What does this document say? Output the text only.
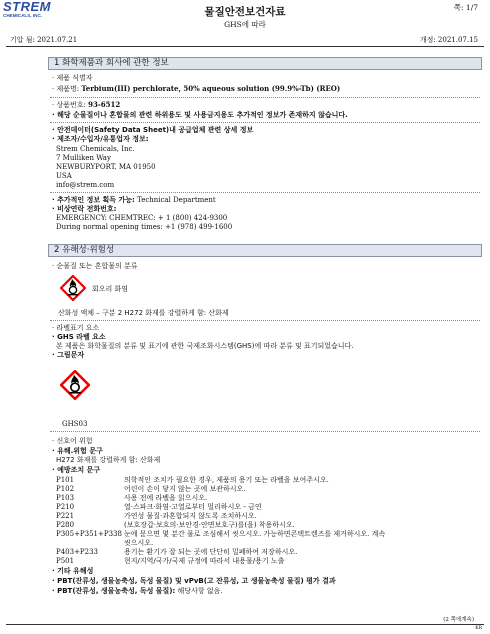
STREM
CHEMICALS, INC.	물질안전보건자료
GHS에 따라
쪽: 1/7
기압 됨: 2021.07.21	개정: 2021.07.15
1 화학제품과 회사에 관한 정보
· 제품 식별자
· 제품명: Terbium(III) perchlorate, 50% aqueous solution (99.9%-Tb) (REO)
· 상품번호: 93-6512
· 해당 순물질이나 혼합물의 관련 하위용도 및 사용금지용도 추가적인 정보가 존재하지 않습니다.
· 안전데이터(Safety Data Sheet)내 공급업체 관련 상세 정보
· 제조자/수입자/유통업자 정보:
Strem Chemicals, Inc.
7 Mulliken Way
NEWBURYPORT, MA 01950
USA
info@strem.com
· 추가적인 정보 획득 가능: Technical Department
· 비상연락 전화번호:
EMERGENCY: CHEMTREC: + 1 (800) 424-9300
During normal opening times: +1 (978) 499-1600
2 유해성·위험성
· 순물질 또는 혼합물의 분류
회오리 화염
산화성 액체 – 구분 2 H272 화재를 강렬하게 함: 산화제
· 라벨표기 요소
· GHS 라벨 요소
본 제품은 화학물질의 분류 및 표기에 관한 국제조화시스템(GHS)에 따라 분류 및 표기되었습니다.
· 그림문자
GHS03
· 신호어 위험
· 유해.위험 문구
H272 화재를 강렬하게 함: 산화제
· 예방조치 문구
P101	의학적인 조치가 필요한 경우, 제품의 용기 또는 라벨을 보여주시오.
P102	어린이 손이 닿지 않는 곳에 보관하시오.
P103	사용 전에 라벨을 읽으시오.
P210	열·스파크·화염·고열로부터 멀리하시오 - 금연
P221	가연성 물질·과혼합되지 않도록 조치하시오.
P280	(보호장갑·보호의·보안경·안면보호구)를(을) 착용하시오.
P305+P351+P338 눈에 묻으면 몇 분간 물로 조심해서 씻으시오. 가능하면콘택트렌즈를 제거하시오. 계속
씻으시오.
P403+P233	용기는 환기가 잘 되는 곳에 단단히 밀폐하여 저장하시오.
P501	현지/지역/국가/국제 규정에 따라서 내용물/용기 노출
· 기타 유해성
· PBT(잔류성, 생물농축성, 독성 물질) 및 vPvB(고 잔류성, 고 생물농축성 물질) 평가 결과
· PBT(잔류성, 생물농축성, 독성 물질): 해당사항 없음.
(2 쪽에계속)
KR
